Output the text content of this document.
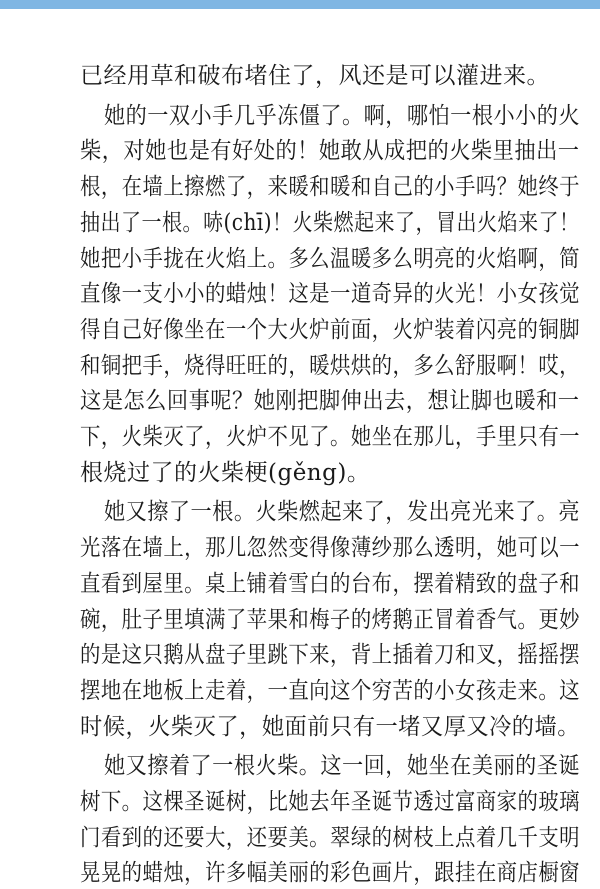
已经用草和破布堵住了，风还是可以灌进来。

她的一双小手几乎冻僵了。啊，哪怕一根小小的火

柴，对她也是有好处的！她敢从成把的火柴里抽出一

根，在墙上擦燃了，来暖和暖和自己的小手吗？她终于

抽出了一根。哧(chī)！火柴燃起来了，冒出火焰来了！

她把小手拢在火焰上。多么温暖多么明亮的火焰啊，简

直像一支小小的蜡烛！这是一道奇异的火光！小女孩觉

得自己好像坐在一个大火炉前面，火炉装着闪亮的铜脚

和铜把手，烧得旺旺的，暖烘烘的，多么舒服啊！哎，

这是怎么回事呢？她刚把脚伸出去，想让脚也暖和一

下，火柴灭了，火炉不见了。她坐在那儿，手里只有一

根烧过了的火柴梗(gěng)。

她又擦了一根。火柴燃起来了，发出亮光来了。亮

光落在墙上，那儿忽然变得像薄纱那么透明，她可以一

直看到屋里。桌上铺着雪白的台布，摆着精致的盘子和

碗，肚子里填满了苹果和梅子的烤鹅正冒着香气。更妙

的是这只鹅从盘子里跳下来，背上插着刀和叉，摇摇摆

摆地在地板上走着，一直向这个穷苦的小女孩走来。这

时候，火柴灭了，她面前只有一堵又厚又冷的墙。

她又擦着了一根火柴。这一回，她坐在美丽的圣诞

树下。这棵圣诞树，比她去年圣诞节透过富商家的玻璃

门看到的还要大，还要美。翠绿的树枝上点着几千支明

晃晃的蜡烛，许多幅美丽的彩色画片，跟挂在商店橱窗
